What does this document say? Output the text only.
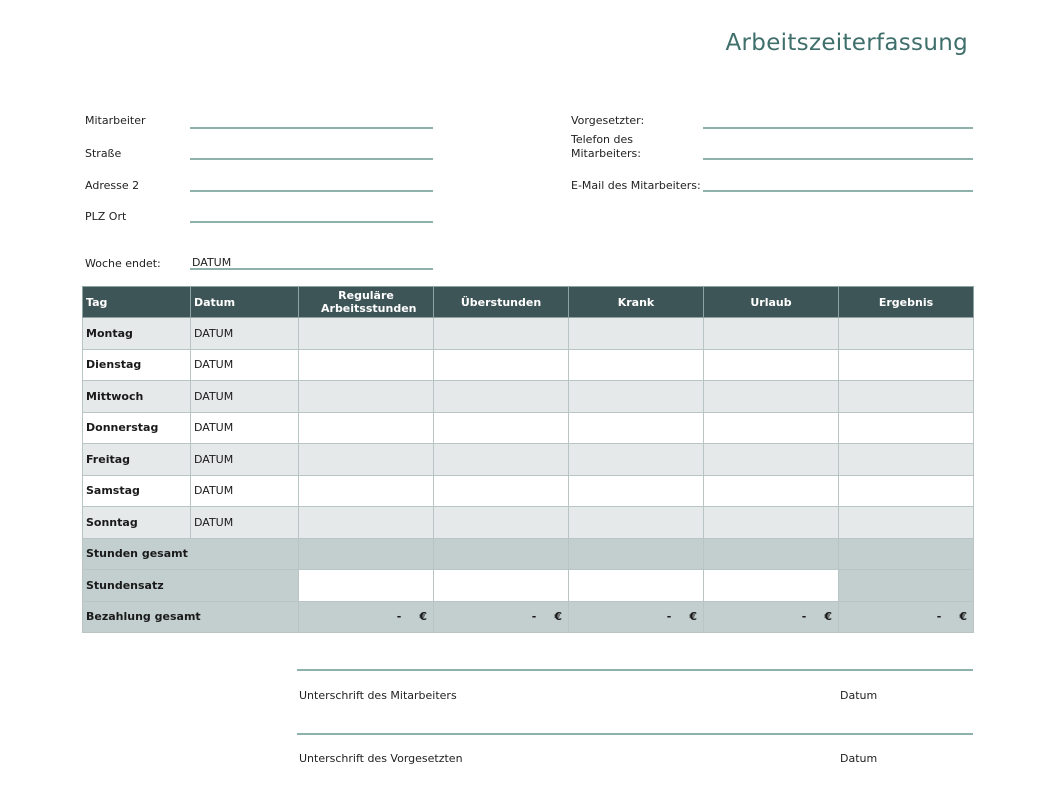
Arbeitszeiterfassung
Mitarbeiter
Straße
Adresse 2
PLZ Ort
Vorgesetzter:
Telefon des
Mitarbeiters:
E-Mail des Mitarbeiters:
Woche endet:	DATUM
Tag	Datum	Reguläre Arbeitsstunden	Überstunden	Krank	Urlaub	Ergebnis
Montag	DATUM					
Dienstag	DATUM					
Mittwoch	DATUM					
Donnerstag	DATUM					
Freitag	DATUM					
Samstag	DATUM					
Sonntag	DATUM					
Stunden gesamt						
Stundensatz						
Bezahlung gesamt		- €	- €	- €	- €	- €
Unterschrift des Mitarbeiters	Datum
Unterschrift des Vorgesetzten	Datum
